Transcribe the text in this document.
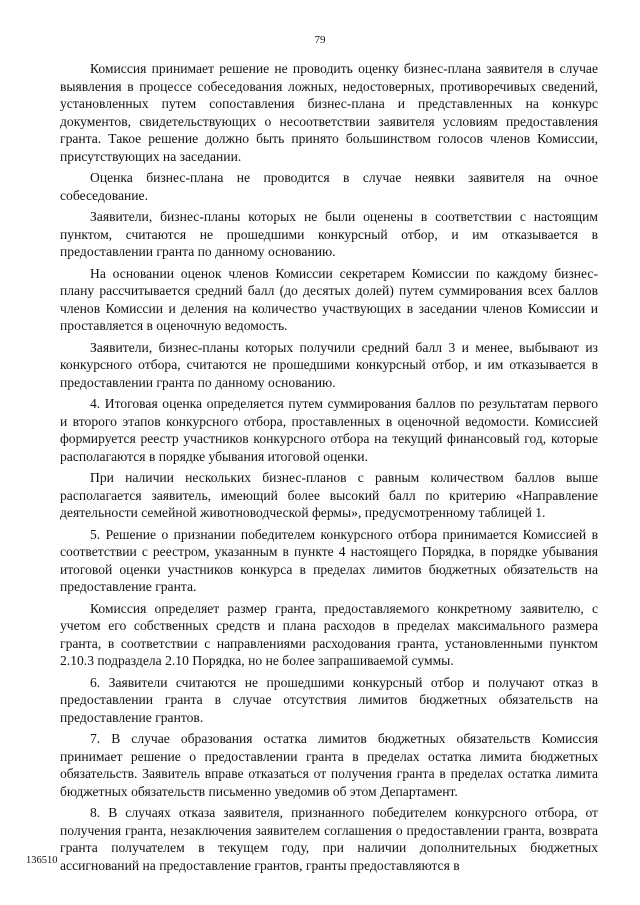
79

Комиссия принимает решение не проводить оценку бизнес-плана заявителя в случае выявления в процессе собеседования ложных, недостоверных, противоречивых сведений, установленных путем сопоставления бизнес-плана и представленных на конкурс документов, свидетельствующих о несоответствии заявителя условиям предоставления гранта. Такое решение должно быть принято большинством голосов членов Комиссии, присутствующих на заседании.

Оценка бизнес-плана не проводится в случае неявки заявителя на очное собеседование.

Заявители, бизнес-планы которых не были оценены в соответствии с настоящим пунктом, считаются не прошедшими конкурсный отбор, и им отказывается в предоставлении гранта по данному основанию.

На основании оценок членов Комиссии секретарем Комиссии по каждому бизнес-плану рассчитывается средний балл (до десятых долей) путем суммирования всех баллов членов Комиссии и деления на количество участвующих в заседании членов Комиссии и проставляется в оценочную ведомость.

Заявители, бизнес-планы которых получили средний балл 3 и менее, выбывают из конкурсного отбора, считаются не прошедшими конкурсный отбор, и им отказывается в предоставлении гранта по данному основанию.

4. Итоговая оценка определяется путем суммирования баллов по результатам первого и второго этапов конкурсного отбора, проставленных в оценочной ведомости. Комиссией формируется реестр участников конкурсного отбора на текущий финансовый год, которые располагаются в порядке убывания итоговой оценки.

При наличии нескольких бизнес-планов с равным количеством баллов выше располагается заявитель, имеющий более высокий балл по критерию «Направление деятельности семейной животноводческой фермы», предусмотренному таблицей 1.

5. Решение о признании победителем конкурсного отбора принимается Комиссией в соответствии с реестром, указанным в пункте 4 настоящего Порядка, в порядке убывания итоговой оценки участников конкурса в пределах лимитов бюджетных обязательств на предоставление гранта.

Комиссия определяет размер гранта, предоставляемого конкретному заявителю, с учетом его собственных средств и плана расходов в пределах максимального размера гранта, в соответствии с направлениями расходования гранта, установленными пунктом 2.10.3 подраздела 2.10 Порядка, но не более запрашиваемой суммы.

6. Заявители считаются не прошедшими конкурсный отбор и получают отказ в предоставлении гранта в случае отсутствия лимитов бюджетных обязательств на предоставление грантов.

7. В случае образования остатка лимитов бюджетных обязательств Комиссия принимает решение о предоставлении гранта в пределах остатка лимита бюджетных обязательств. Заявитель вправе отказаться от получения гранта в пределах остатка лимита бюджетных обязательств письменно уведомив об этом Департамент.

8. В случаях отказа заявителя, признанного победителем конкурсного отбора, от получения гранта, незаключения заявителем соглашения о предоставлении гранта, возврата гранта получателем в текущем году, при наличии дополнительных бюджетных ассигнований на предоставление грантов, гранты предоставляются в

136510
